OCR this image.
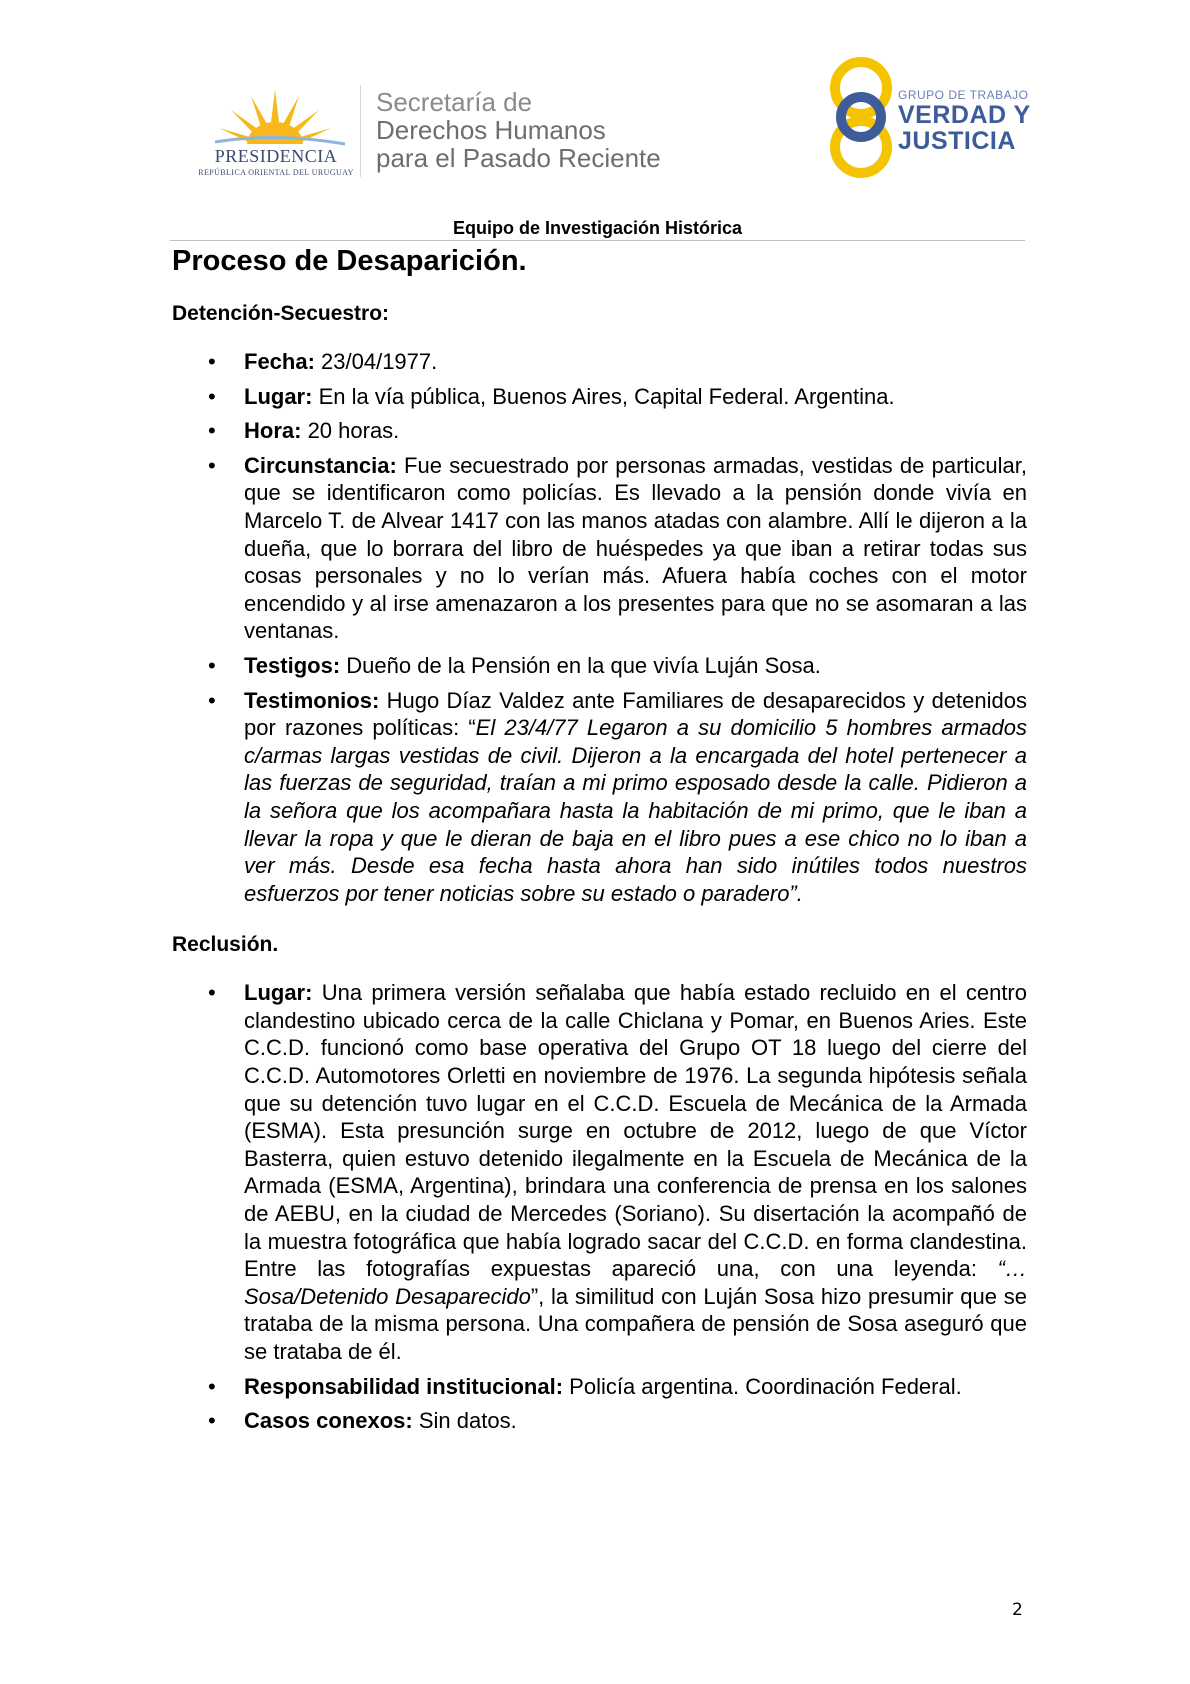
PRESIDENCIA
REPÚBLICA ORIENTAL DEL URUGUAY
Secretaría de
Derechos Humanos
para el Pasado Reciente
GRUPO DE TRABAJO
VERDAD Y
JUSTICIA
Equipo de Investigación Histórica
Proceso de Desaparición.
Detención-Secuestro:
• Fecha: 23/04/1977.
• Lugar: En la vía pública, Buenos Aires, Capital Federal. Argentina.
• Hora: 20 horas.
• Circunstancia: Fue secuestrado por personas armadas, vestidas de particular, que se identificaron como policías. Es llevado a la pensión donde vivía en Marcelo T. de Alvear 1417 con las manos atadas con alambre. Allí le dijeron a la dueña, que lo borrara del libro de huéspedes ya que iban a retirar todas sus cosas personales y no lo verían más. Afuera había coches con el motor encendido y al irse amenazaron a los presentes para que no se asomaran a las ventanas.
• Testigos: Dueño de la Pensión en la que vivía Luján Sosa.
• Testimonios: Hugo Díaz Valdez ante Familiares de desaparecidos y detenidos por razones políticas: “El 23/4/77 Legaron a su domicilio 5 hombres armados c/armas largas vestidas de civil. Dijeron a la encargada del hotel pertenecer a las fuerzas de seguridad, traían a mi primo esposado desde la calle. Pidieron a la señora que los acompañara hasta la habitación de mi primo, que le iban a llevar la ropa y que le dieran de baja en el libro pues a ese chico no lo iban a ver más. Desde esa fecha hasta ahora han sido inútiles todos nuestros esfuerzos por tener noticias sobre su estado o paradero”.
Reclusión.
• Lugar: Una primera versión señalaba que había estado recluido en el centro clandestino ubicado cerca de la calle Chiclana y Pomar, en Buenos Aries. Este C.C.D. funcionó como base operativa del Grupo OT 18 luego del cierre del C.C.D. Automotores Orletti en noviembre de 1976. La segunda hipótesis señala que su detención tuvo lugar en el C.C.D. Escuela de Mecánica de la Armada (ESMA). Esta presunción surge en octubre de 2012, luego de que Víctor Basterra, quien estuvo detenido ilegalmente en la Escuela de Mecánica de la Armada (ESMA, Argentina), brindara una conferencia de prensa en los salones de AEBU, en la ciudad de Mercedes (Soriano). Su disertación la acompañó de la muestra fotográfica que había logrado sacar del C.C.D. en forma clandestina. Entre las fotografías expuestas apareció una, con una leyenda: “… Sosa/Detenido Desaparecido”, la similitud con Luján Sosa hizo presumir que se trataba de la misma persona. Una compañera de pensión de Sosa aseguró que se trataba de él.
• Responsabilidad institucional: Policía argentina. Coordinación Federal.
• Casos conexos: Sin datos.
2
